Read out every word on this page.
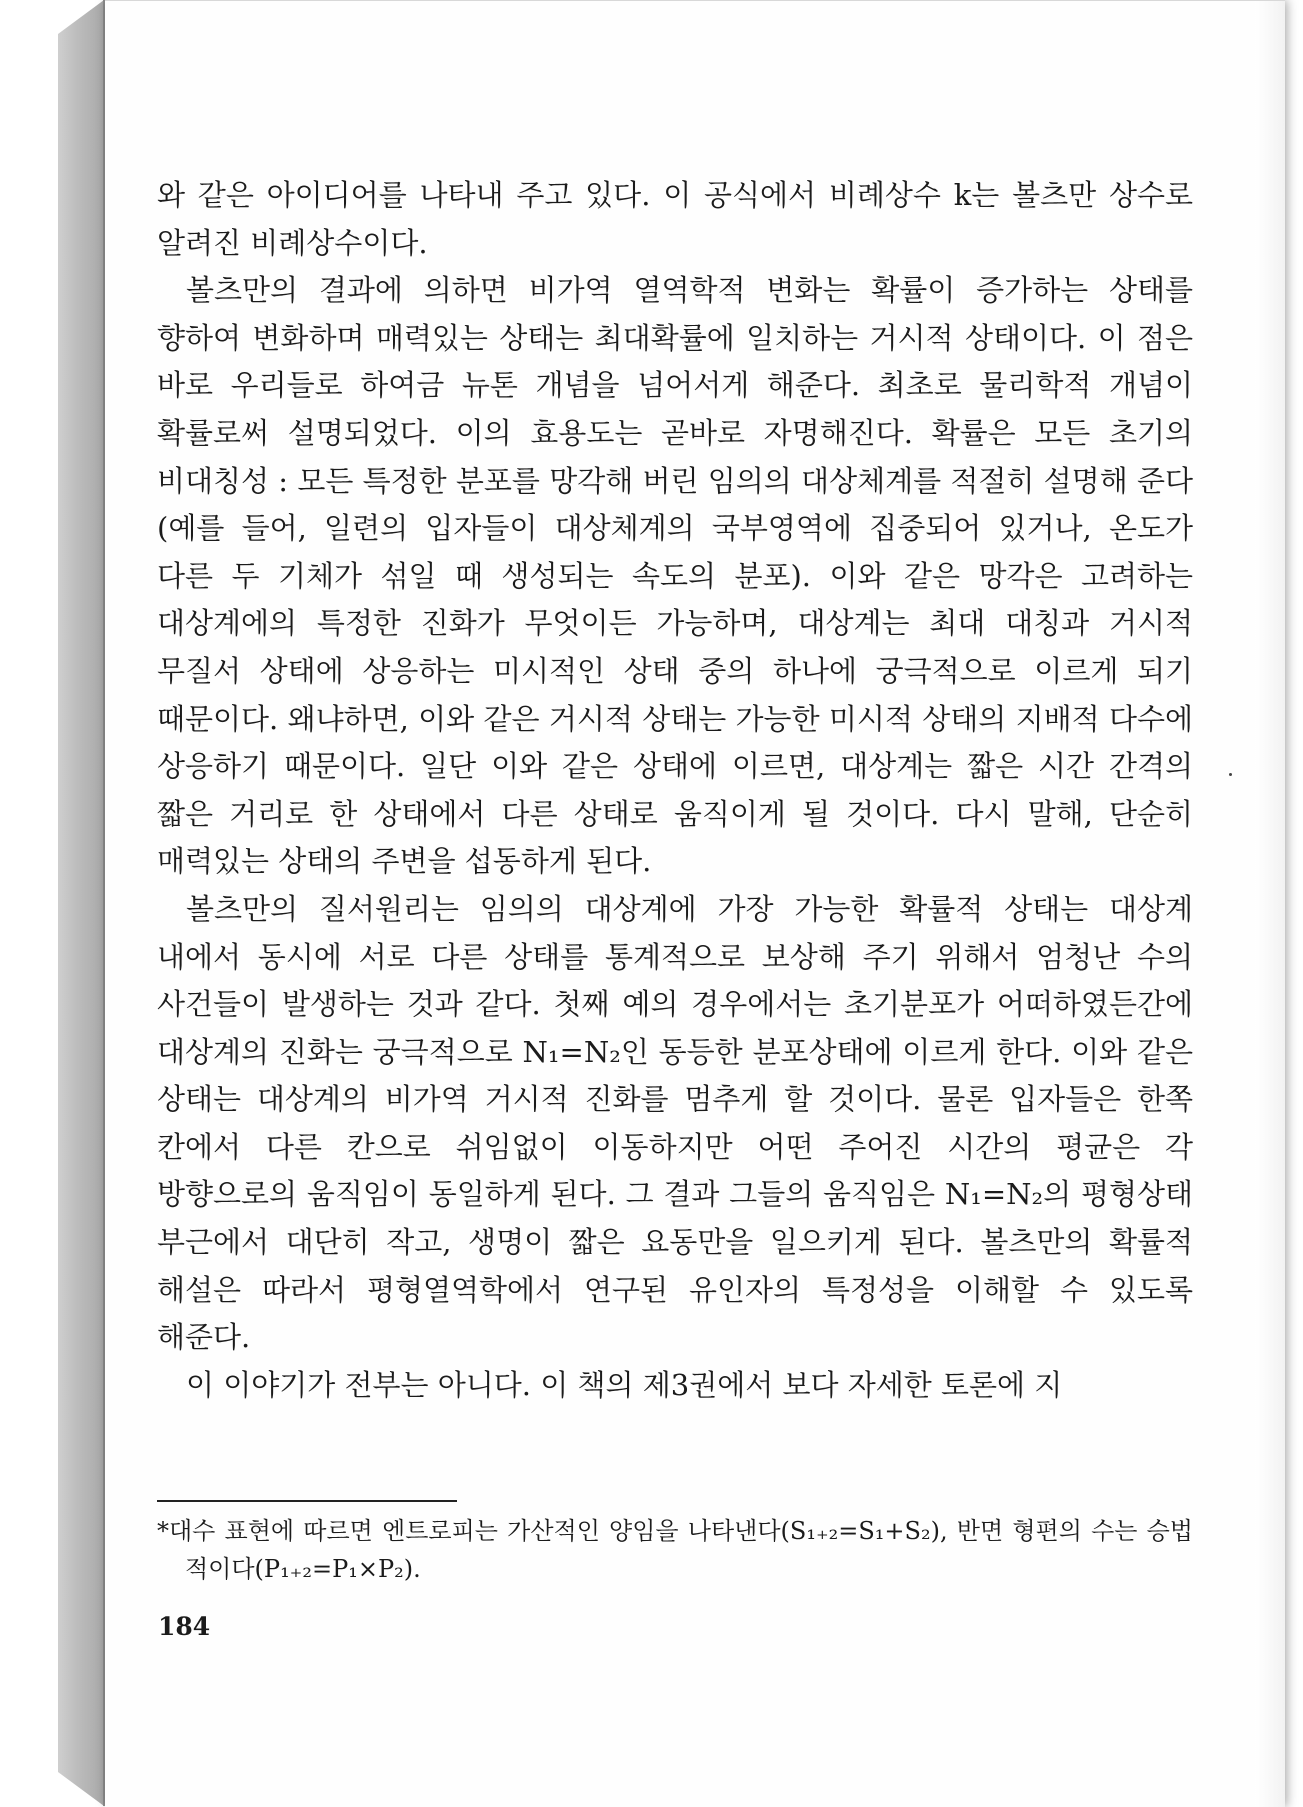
와 같은 아이디어를 나타내 주고 있다. 이 공식에서 비례상수 k는 볼츠만 상수로 알려진 비례상수이다.

볼츠만의 결과에 의하면 비가역 열역학적 변화는 확률이 증가하는 상태를 향하여 변화하며 매력있는 상태는 최대확률에 일치하는 거시적 상태이다. 이 점은 바로 우리들로 하여금 뉴톤 개념을 넘어서게 해준다. 최초로 물리학적 개념이 확률로써 설명되었다. 이의 효용도는 곧바로 자명해진다. 확률은 모든 초기의 비대칭성 : 모든 특정한 분포를 망각해 버린 임의의 대상체계를 적절히 설명해 준다(예를 들어, 일련의 입자들이 대상체계의 국부영역에 집중되어 있거나, 온도가 다른 두 기체가 섞일 때 생성되는 속도의 분포). 이와 같은 망각은 고려하는 대상계에의 특정한 진화가 무엇이든 가능하며, 대상계는 최대 대칭과 거시적 무질서 상태에 상응하는 미시적인 상태 중의 하나에 궁극적으로 이르게 되기 때문이다. 왜냐하면, 이와 같은 거시적 상태는 가능한 미시적 상태의 지배적 다수에 상응하기 때문이다. 일단 이와 같은 상태에 이르면, 대상계는 짧은 시간 간격의 짧은 거리로 한 상태에서 다른 상태로 움직이게 될 것이다. 다시 말해, 단순히 매력있는 상태의 주변을 섭동하게 된다.

볼츠만의 질서원리는 임의의 대상계에 가장 가능한 확률적 상태는 대상계 내에서 동시에 서로 다른 상태를 통계적으로 보상해 주기 위해서 엄청난 수의 사건들이 발생하는 것과 같다. 첫째 예의 경우에서는 초기분포가 어떠하였든간에 대상계의 진화는 궁극적으로 N₁=N₂인 동등한 분포상태에 이르게 한다. 이와 같은 상태는 대상계의 비가역 거시적 진화를 멈추게 할 것이다. 물론 입자들은 한쪽 칸에서 다른 칸으로 쉬임없이 이동하지만 어떤 주어진 시간의 평균은 각 방향으로의 움직임이 동일하게 된다. 그 결과 그들의 움직임은 N₁=N₂의 평형상태 부근에서 대단히 작고, 생명이 짧은 요동만을 일으키게 된다. 볼츠만의 확률적 해설은 따라서 평형열역학에서 연구된 유인자의 특정성을 이해할 수 있도록 해준다.

이 이야기가 전부는 아니다. 이 책의 제3권에서 보다 자세한 토론에 지

*대수 표현에 따르면 엔트로피는 가산적인 양임을 나타낸다(S₁₊₂=S₁+S₂), 반면 형편의 수는 승법적이다(P₁₊₂=P₁×P₂).

184
